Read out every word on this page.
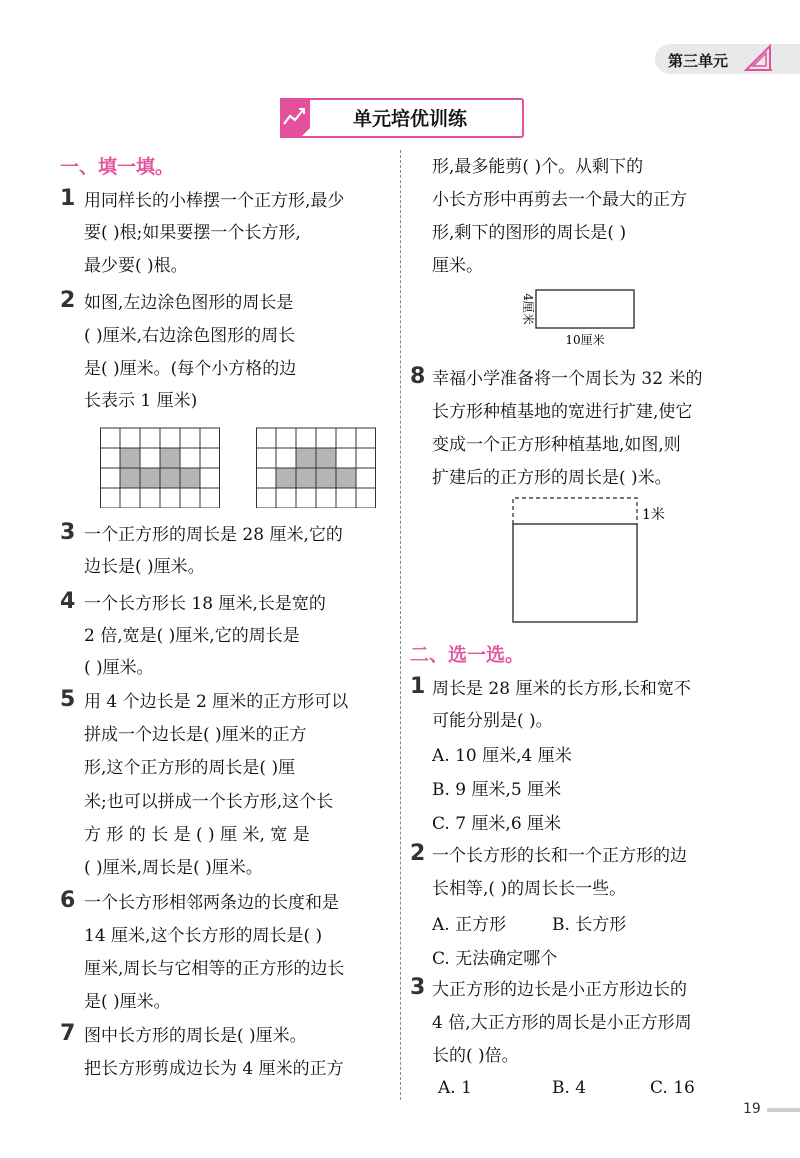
第三单元
单元培优训练
一、填一填。
1 用同样长的小棒摆一个正方形,最少
要( )根;如果要摆一个长方形,
最少要( )根。
2 如图,左边涂色图形的周长是
( )厘米,右边涂色图形的周长
是( )厘米。(每个小方格的边
长表示 1 厘米)
3 一个正方形的周长是 28 厘米,它的
边长是( )厘米。
4 一个长方形长 18 厘米,长是宽的
2 倍,宽是( )厘米,它的周长是
( )厘米。
5 用 4 个边长是 2 厘米的正方形可以
拼成一个边长是( )厘米的正方
形,这个正方形的周长是( )厘
米;也可以拼成一个长方形,这个长
方 形 的 长 是 ( ) 厘 米, 宽 是
( )厘米,周长是( )厘米。
6 一个长方形相邻两条边的长度和是
14 厘米,这个长方形的周长是( )
厘米,周长与它相等的正方形的边长
是( )厘米。
7 图中长方形的周长是( )厘米。
把长方形剪成边长为 4 厘米的正方
形,最多能剪( )个。从剩下的
小长方形中再剪去一个最大的正方
形,剩下的图形的周长是( )
厘米。
4厘米
10厘米
8 幸福小学准备将一个周长为 32 米的
长方形种植基地的宽进行扩建,使它
变成一个正方形种植基地,如图,则
扩建后的正方形的周长是( )米。
1米
二、选一选。
1 周长是 28 厘米的长方形,长和宽不
可能分别是( )。
A. 10 厘米,4 厘米
B. 9 厘米,5 厘米
C. 7 厘米,6 厘米
2 一个长方形的长和一个正方形的边
长相等,( )的周长长一些。
A. 正方形	B. 长方形
C. 无法确定哪个
3 大正方形的边长是小正方形边长的
4 倍,大正方形的周长是小正方形周
长的( )倍。
A. 1	B. 4	C. 16
19
